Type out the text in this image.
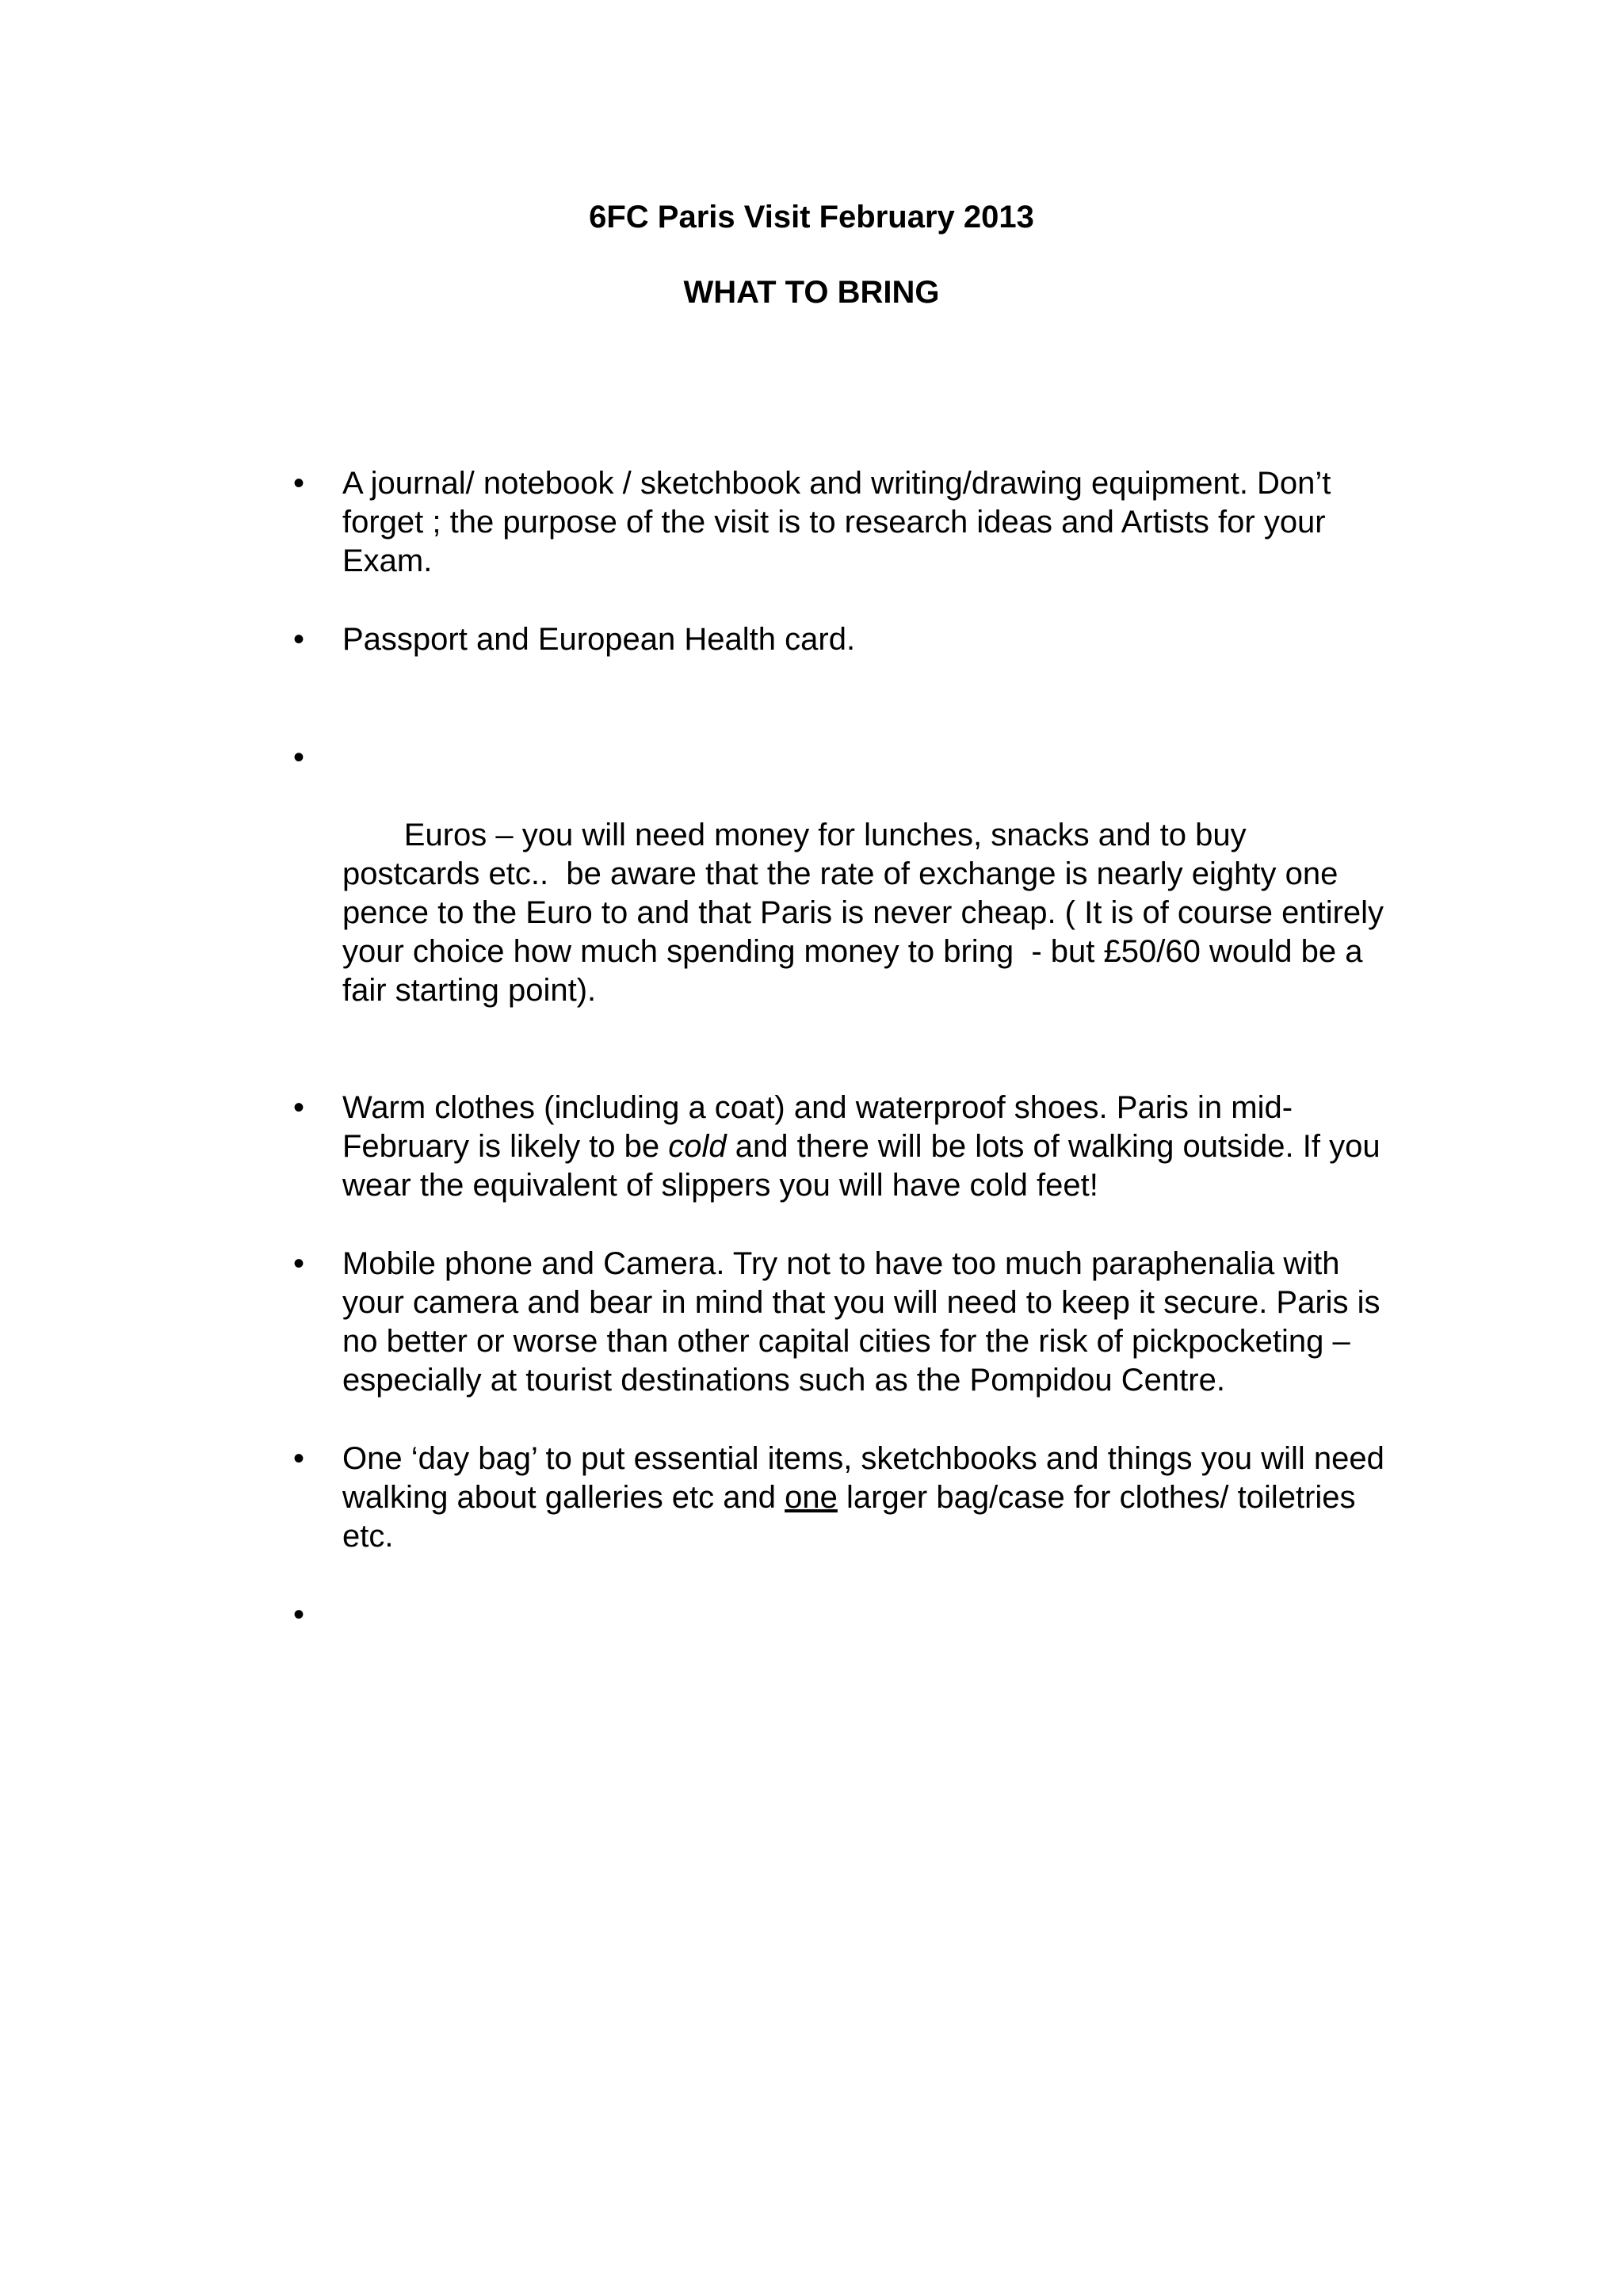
6FC Paris Visit February 2013
WHAT TO BRING
•	A journal/ notebook / sketchbook and writing/drawing equipment. Don’t forget ; the purpose of the visit is to research ideas and Artists for your Exam.
•	Passport and European Health card.

•

Euros – you will need money for lunches, snacks and to buy postcards etc..  be aware that the rate of exchange is nearly eighty one pence to the Euro to and that Paris is never cheap. ( It is of course entirely your choice how much spending money to bring  - but £50/60 would be a fair starting point).

•	Warm clothes (including a coat) and waterproof shoes. Paris in mid-February is likely to be cold and there will be lots of walking outside. If you wear the equivalent of slippers you will have cold feet!
•	Mobile phone and Camera. Try not to have too much paraphenalia with your camera and bear in mind that you will need to keep it secure. Paris is no better or worse than other capital cities for the risk of pickpocketing – especially at tourist destinations such as the Pompidou Centre.
•	One ‘day bag’ to put essential items, sketchbooks and things you will need walking about galleries etc and one larger bag/case for clothes/ toiletries etc.
•
